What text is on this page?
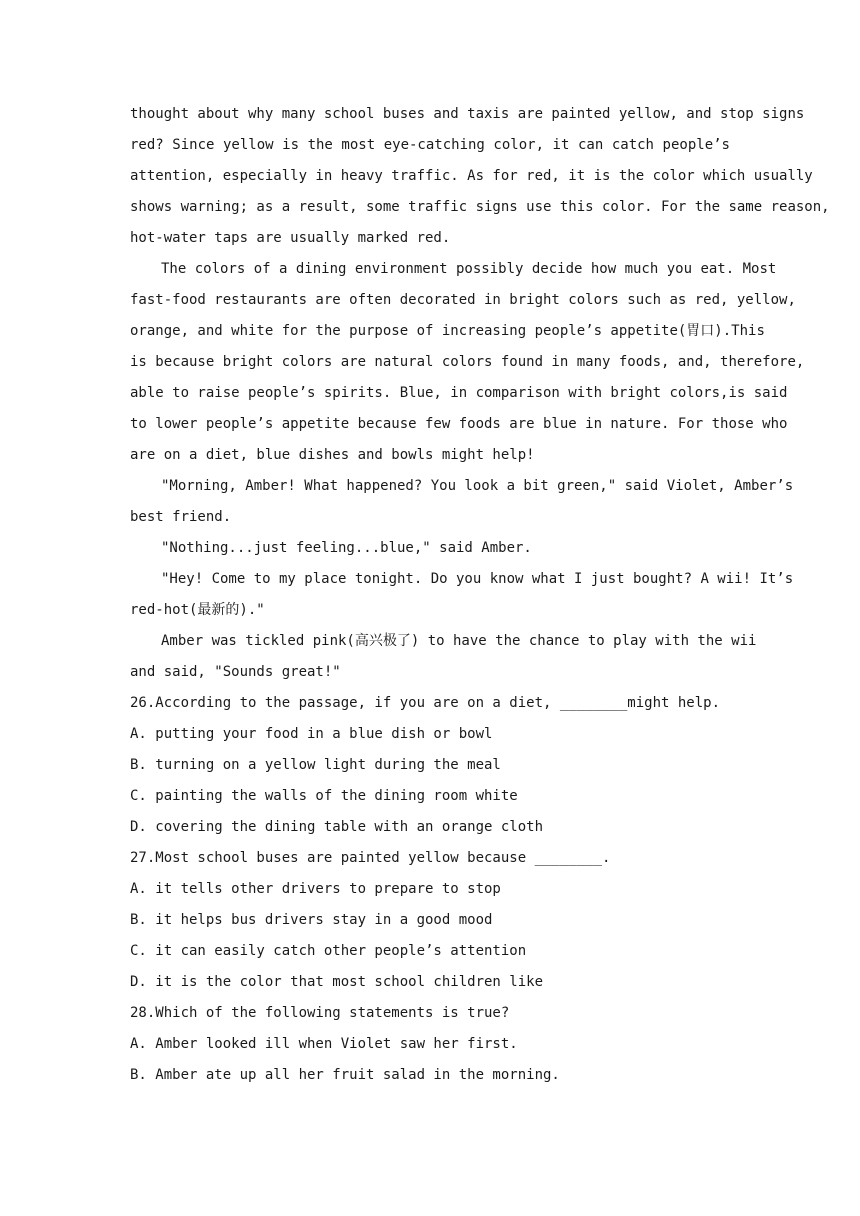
thought about why many school buses and taxis are painted yellow, and stop signs
red? Since yellow is the most eye-catching color, it can catch people’s
attention, especially in heavy traffic. As for red, it is the color which usually
shows warning; as a result, some traffic signs use this color. For the same reason,
hot-water taps are usually marked red.
The colors of a dining environment possibly decide how much you eat. Most
fast-food restaurants are often decorated in bright colors such as red, yellow,
orange, and white for the purpose of increasing people’s appetite(胃口).This
is because bright colors are natural colors found in many foods, and, therefore,
able to raise people’s spirits. Blue, in comparison with bright colors,is said
to lower people’s appetite because few foods are blue in nature. For those who
are on a diet, blue dishes and bowls might help!
"Morning, Amber! What happened? You look a bit green," said Violet, Amber’s
best friend.
"Nothing...just feeling...blue," said Amber.
"Hey! Come to my place tonight. Do you know what I just bought? A wii! It’s
red-hot(最新的)."
Amber was tickled pink(高兴极了) to have the chance to play with the wii
and said, "Sounds great!"
26.According to the passage, if you are on a diet, ________might help.
A. putting your food in a blue dish or bowl
B. turning on a yellow light during the meal
C. painting the walls of the dining room white
D. covering the dining table with an orange cloth
27.Most school buses are painted yellow because ________.
A. it tells other drivers to prepare to stop
B. it helps bus drivers stay in a good mood
C. it can easily catch other people’s attention
D. it is the color that most school children like
28.Which of the following statements is true?
A. Amber looked ill when Violet saw her first.
B. Amber ate up all her fruit salad in the morning.
